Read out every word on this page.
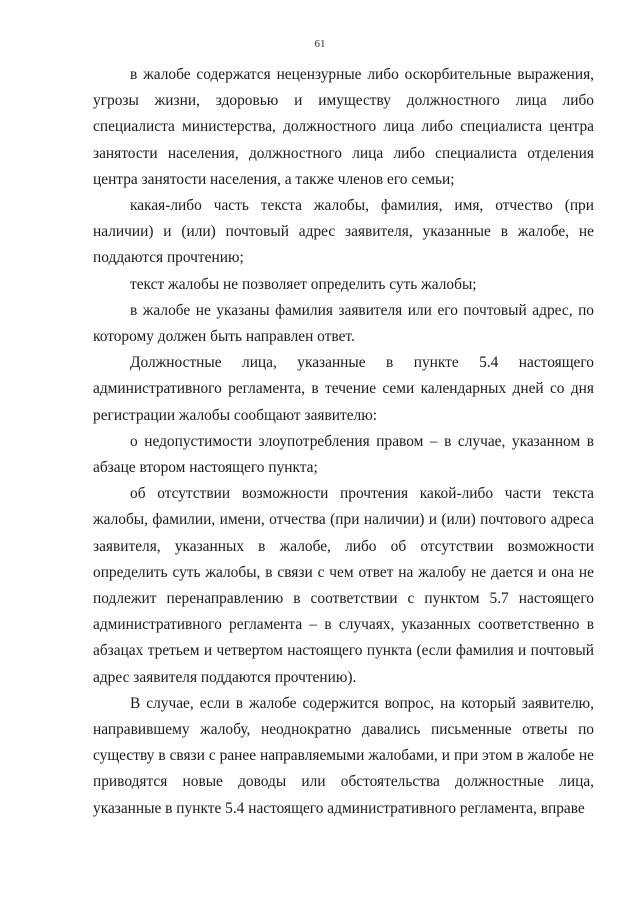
61

в жалобе содержатся нецензурные либо оскорбительные выражения, угрозы жизни, здоровью и имуществу должностного лица либо специалиста министерства, должностного лица либо специалиста центра занятости населения, должностного лица либо специалиста отделения центра занятости населения, а также членов его семьи;

какая-либо часть текста жалобы, фамилия, имя, отчество (при наличии) и (или) почтовый адрес заявителя, указанные в жалобе, не поддаются прочтению;

текст жалобы не позволяет определить суть жалобы;

в жалобе не указаны фамилия заявителя или его почтовый адрес, по которому должен быть направлен ответ.

Должностные лица, указанные в пункте 5.4 настоящего административного регламента, в течение семи календарных дней со дня регистрации жалобы сообщают заявителю:

о недопустимости злоупотребления правом – в случае, указанном в абзаце втором настоящего пункта;

об отсутствии возможности прочтения какой-либо части текста жалобы, фамилии, имени, отчества (при наличии) и (или) почтового адреса заявителя, указанных в жалобе, либо об отсутствии возможности определить суть жалобы, в связи с чем ответ на жалобу не дается и она не подлежит перенаправлению в соответствии с пунктом 5.7 настоящего административного регламента – в случаях, указанных соответственно в абзацах третьем и четвертом настоящего пункта (если фамилия и почтовый адрес заявителя поддаются прочтению).

В случае, если в жалобе содержится вопрос, на который заявителю, направившему жалобу, неоднократно давались письменные ответы по существу в связи с ранее направляемыми жалобами, и при этом в жалобе не приводятся новые доводы или обстоятельства должностные лица, указанные в пункте 5.4 настоящего административного регламента, вправе
